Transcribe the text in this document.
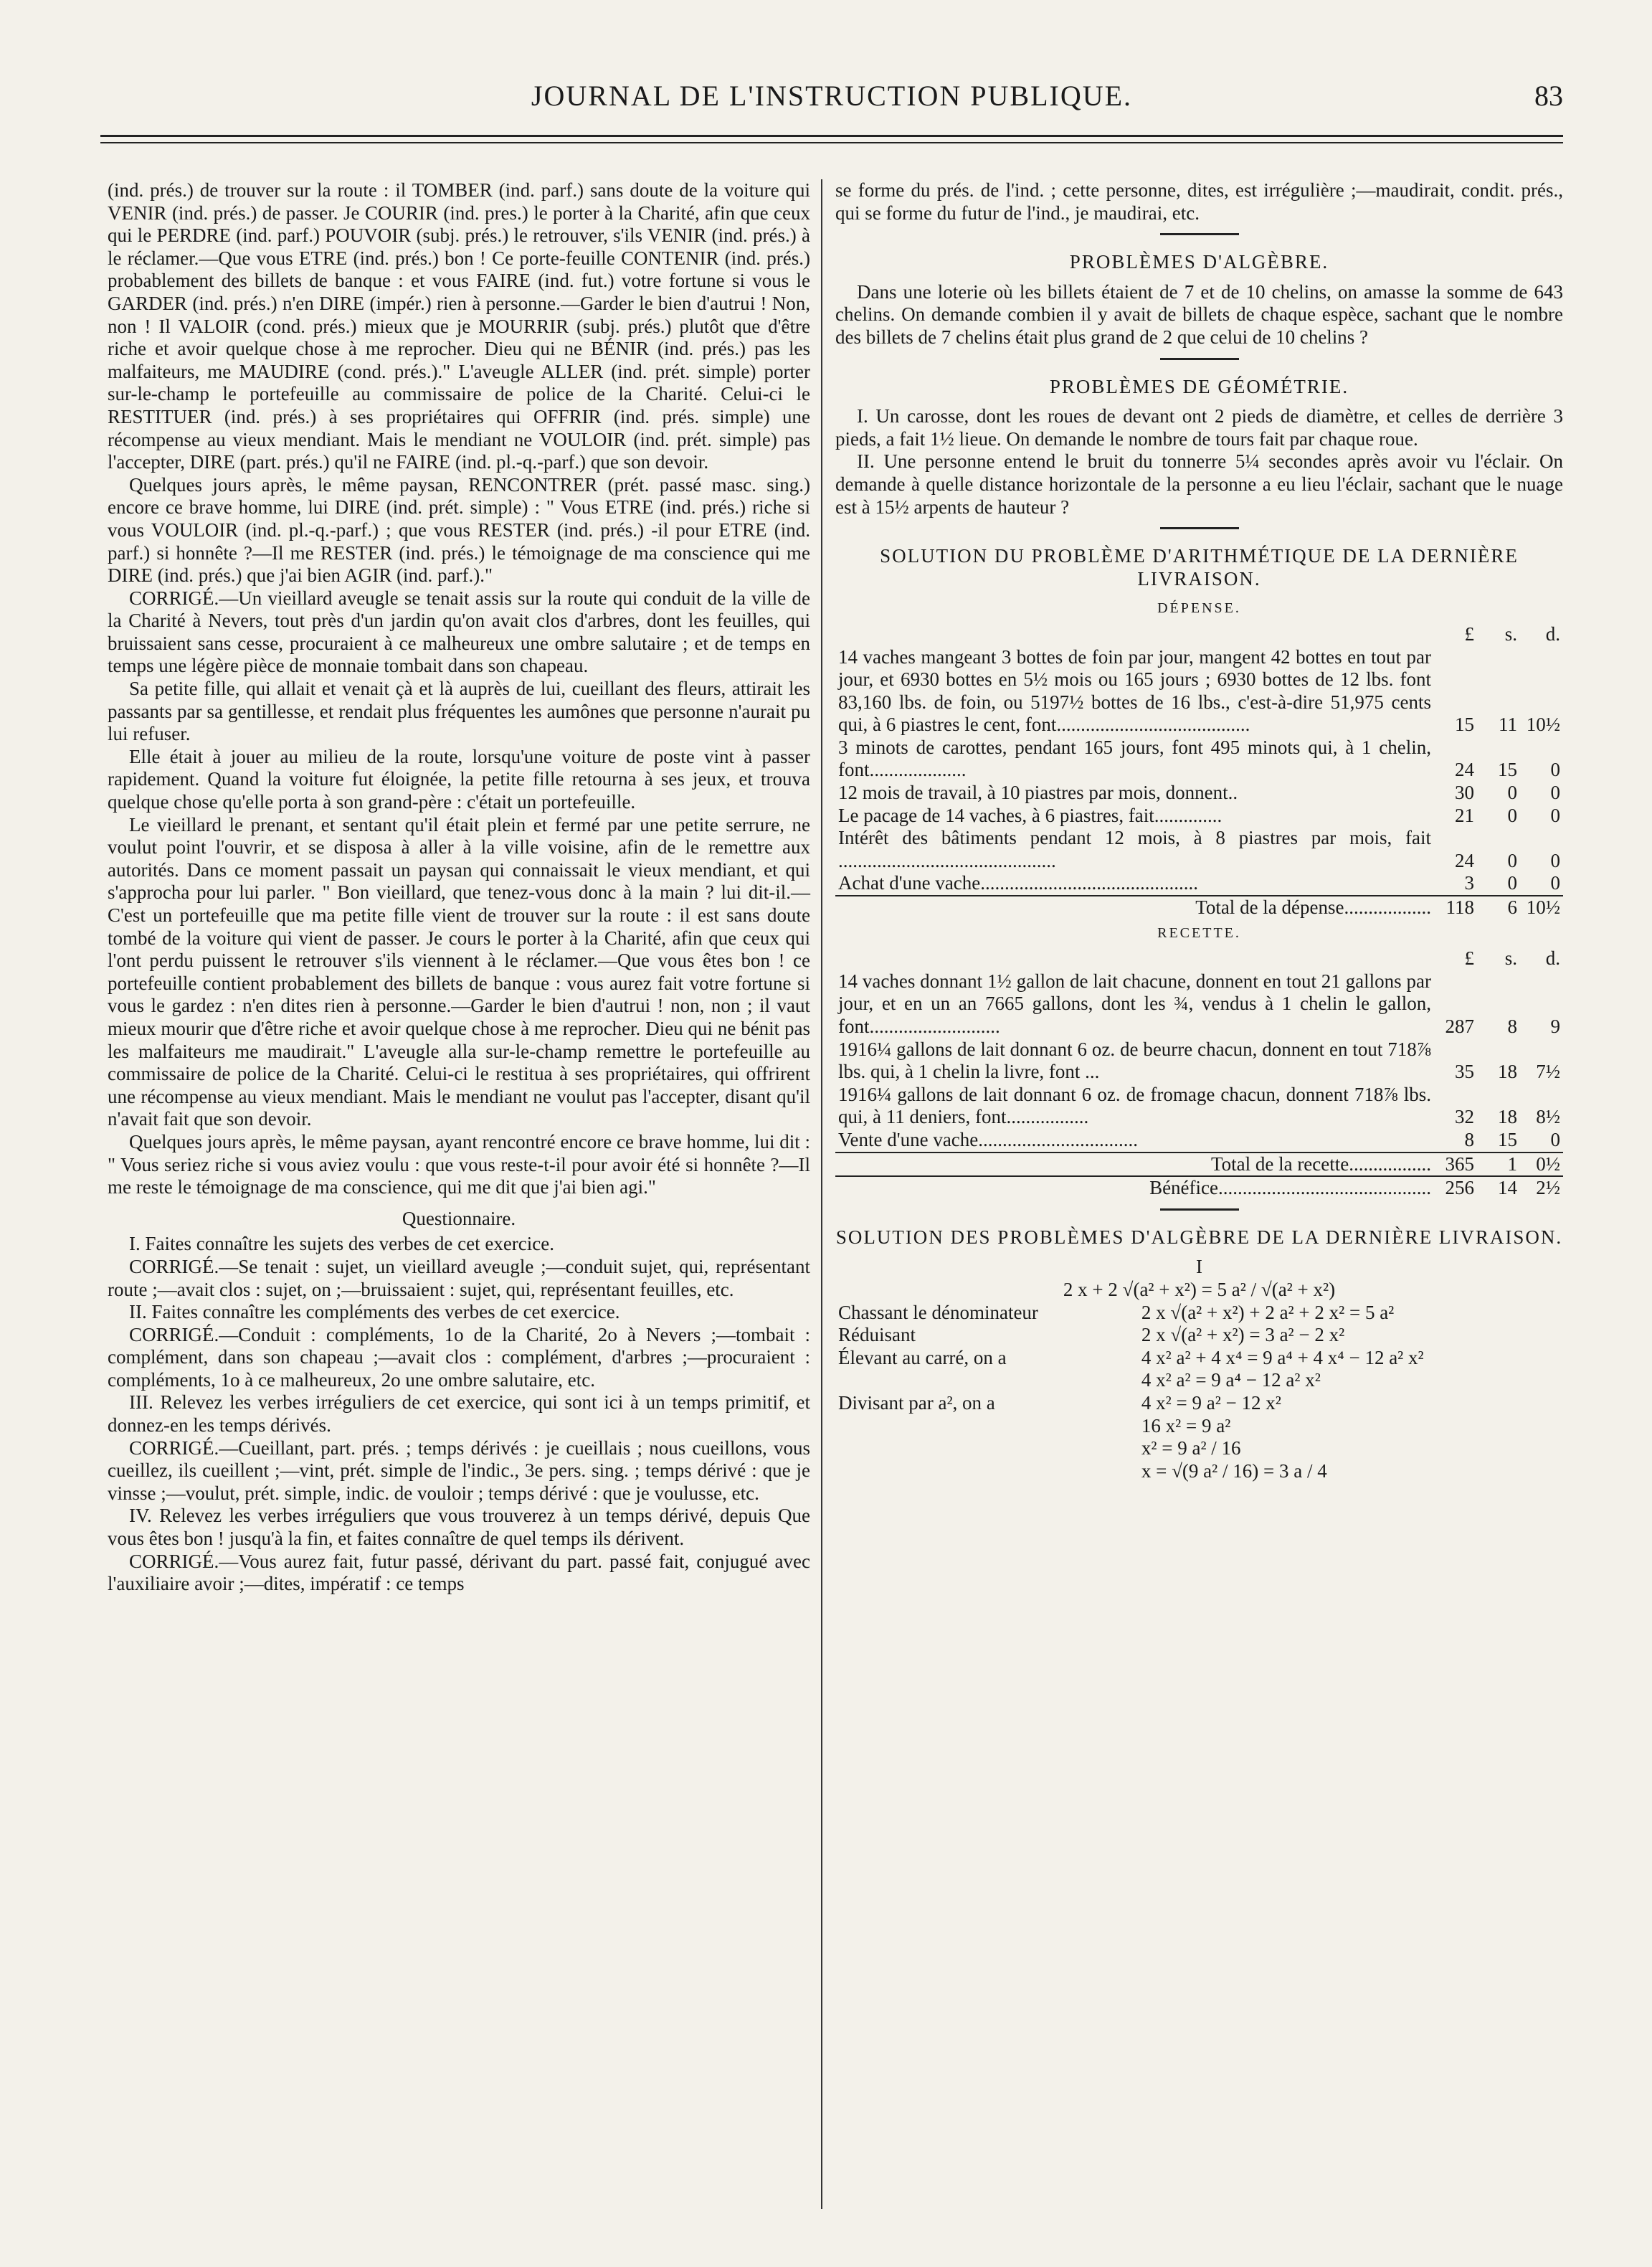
JOURNAL DE L'INSTRUCTION PUBLIQUE.	83

(ind. prés.) de trouver sur la route : il TOMBER (ind. parf.) sans doute de la voiture qui VENIR (ind. prés.) de passer. Je COURIR (ind. pres.) le porter à la Charité, afin que ceux qui le PERDRE (ind. parf.) POUVOIR (subj. prés.) le retrouver, s'ils VENIR (ind. prés.) à le réclamer.—Que vous ETRE (ind. prés.) bon ! Ce porte-feuille CONTENIR (ind. prés.) probablement des billets de banque : et vous FAIRE (ind. fut.) votre fortune si vous le GARDER (ind. prés.) n'en DIRE (impér.) rien à personne.—Garder le bien d'autrui ! Non, non ! Il VALOIR (cond. prés.) mieux que je MOURRIR (subj. prés.) plutôt que d'être riche et avoir quelque chose à me reprocher. Dieu qui ne BÉNIR (ind. prés.) pas les malfaiteurs, me MAUDIRE (cond. prés.)." L'aveugle ALLER (ind. prét. simple) porter sur-le-champ le portefeuille au commissaire de police de la Charité. Celui-ci le RESTITUER (ind. prés.) à ses propriétaires qui OFFRIR (ind. prés. simple) une récompense au vieux mendiant. Mais le mendiant ne VOULOIR (ind. prét. simple) pas l'accepter, DIRE (part. prés.) qu'il ne FAIRE (ind. pl.-q.-parf.) que son devoir.

Quelques jours après, le même paysan, RENCONTRER (prét. passé masc. sing.) encore ce brave homme, lui DIRE (ind. prét. simple) : " Vous ETRE (ind. prés.) riche si vous VOULOIR (ind. pl.-q.-parf.) ; que vous RESTER (ind. prés.) -il pour ETRE (ind. parf.) si honnête ?—Il me RESTER (ind. prés.) le témoignage de ma conscience qui me DIRE (ind. prés.) que j'ai bien AGIR (ind. parf.)."

CORRIGÉ.—Un vieillard aveugle se tenait assis sur la route qui conduit de la ville de la Charité à Nevers, tout près d'un jardin qu'on avait clos d'arbres, dont les feuilles, qui bruissaient sans cesse, procuraient à ce malheureux une ombre salutaire ; et de temps en temps une légère pièce de monnaie tombait dans son chapeau.

Sa petite fille, qui allait et venait çà et là auprès de lui, cueillant des fleurs, attirait les passants par sa gentillesse, et rendait plus fréquentes les aumônes que personne n'aurait pu lui refuser.

Elle était à jouer au milieu de la route, lorsqu'une voiture de poste vint à passer rapidement. Quand la voiture fut éloignée, la petite fille retourna à ses jeux, et trouva quelque chose qu'elle porta à son grand-père : c'était un portefeuille.

Le vieillard le prenant, et sentant qu'il était plein et fermé par une petite serrure, ne voulut point l'ouvrir, et se disposa à aller à la ville voisine, afin de le remettre aux autorités. Dans ce moment passait un paysan qui connaissait le vieux mendiant, et qui s'approcha pour lui parler. " Bon vieillard, que tenez-vous donc à la main ? lui dit-il.—C'est un portefeuille que ma petite fille vient de trouver sur la route : il est sans doute tombé de la voiture qui vient de passer. Je cours le porter à la Charité, afin que ceux qui l'ont perdu puissent le retrouver s'ils viennent à le réclamer.—Que vous êtes bon ! ce portefeuille contient probablement des billets de banque : vous aurez fait votre fortune si vous le gardez : n'en dites rien à personne.—Garder le bien d'autrui ! non, non ; il vaut mieux mourir que d'être riche et avoir quelque chose à me reprocher. Dieu qui ne bénit pas les malfaiteurs me maudirait." L'aveugle alla sur-le-champ remettre le portefeuille au commissaire de police de la Charité. Celui-ci le restitua à ses propriétaires, qui offrirent une récompense au vieux mendiant. Mais le mendiant ne voulut pas l'accepter, disant qu'il n'avait fait que son devoir.

Quelques jours après, le même paysan, ayant rencontré encore ce brave homme, lui dit : " Vous seriez riche si vous aviez voulu : que vous reste-t-il pour avoir été si honnête ?—Il me reste le témoignage de ma conscience, qui me dit que j'ai bien agi."

Questionnaire.

I. Faites connaître les sujets des verbes de cet exercice.

CORRIGÉ.—Se tenait : sujet, un vieillard aveugle ;—conduit sujet, qui, représentant route ;—avait clos : sujet, on ;—bruissaient : sujet, qui, représentant feuilles, etc.

II. Faites connaître les compléments des verbes de cet exercice.

CORRIGÉ.—Conduit : compléments, 1o de la Charité, 2o à Nevers ;—tombait : complément, dans son chapeau ;—avait clos : complément, d'arbres ;—procuraient : compléments, 1o à ce malheureux, 2o une ombre salutaire, etc.

III. Relevez les verbes irréguliers de cet exercice, qui sont ici à un temps primitif, et donnez-en les temps dérivés.

CORRIGÉ.—Cueillant, part. prés. ; temps dérivés : je cueillais ; nous cueillons, vous cueillez, ils cueillent ;—vint, prét. simple de l'indic., 3e pers. sing. ; temps dérivé : que je vinsse ;—voulut, prét. simple, indic. de vouloir ; temps dérivé : que je voulusse, etc.

IV. Relevez les verbes irréguliers que vous trouverez à un temps dérivé, depuis Que vous êtes bon ! jusqu'à la fin, et faites connaître de quel temps ils dérivent.

CORRIGÉ.—Vous aurez fait, futur passé, dérivant du part. passé fait, conjugué avec l'auxiliaire avoir ;—dites, impératif : ce temps

se forme du prés. de l'ind. ; cette personne, dites, est irrégulière ;—maudirait, condit. prés., qui se forme du futur de l'ind., je maudirai, etc.

PROBLÈMES D'ALGÈBRE.

Dans une loterie où les billets étaient de 7 et de 10 chelins, on amasse la somme de 643 chelins. On demande combien il y avait de billets de chaque espèce, sachant que le nombre des billets de 7 chelins était plus grand de 2 que celui de 10 chelins ?

PROBLÈMES DE GÉOMÉTRIE.

I. Un carosse, dont les roues de devant ont 2 pieds de diamètre, et celles de derrière 3 pieds, a fait 1½ lieue. On demande le nombre de tours fait par chaque roue.

II. Une personne entend le bruit du tonnerre 5¼ secondes après avoir vu l'éclair. On demande à quelle distance horizontale de la personne a eu lieu l'éclair, sachant que le nuage est à 15½ arpents de hauteur ?

SOLUTION DU PROBLÈME D'ARITHMÉTIQUE DE LA DERNIÈRE LIVRAISON.
DÉPENSE.
	£	s.	d.
14 vaches mangeant 3 bottes de foin par jour, mangent 42 bottes en tout par jour, et 6930 bottes en 5½ mois ou 165 jours ; 6930 bottes de 12 lbs. font 83,160 lbs. de foin, ou 5197½ bottes de 16 lbs., c'est-à-dire 51,975 cents qui, à 6 piastres le cent, font........................................	15	11	10½
3 minots de carottes, pendant 165 jours, font 495 minots qui, à 1 chelin, font....................	24	15	0
12 mois de travail, à 10 piastres par mois, donnent..	30	0	0
Le pacage de 14 vaches, à 6 piastres, fait..............	21	0	0
Intérêt des bâtiments pendant 12 mois, à 8 piastres par mois, fait .............................................	24	0	0
Achat d'une vache.............................................	3	0	0
Total de la dépense..................	118	6	10½
RECETTE.
	£	s.	d.
14 vaches donnant 1½ gallon de lait chacune, donnent en tout 21 gallons par jour, et en un an 7665 gallons, dont les ¾, vendus à 1 chelin le gallon, font...........................	287	8	9
1916¼ gallons de lait donnant 6 oz. de beurre chacun, donnent en tout 718⅞ lbs. qui, à 1 chelin la livre, font ...	35	18	7½
1916¼ gallons de lait donnant 6 oz. de fromage chacun, donnent 718⅞ lbs. qui, à 11 deniers, font.................	32	18	8½
Vente d'une vache.................................	8	15	0
Total de la recette.................	365	1	0½
Bénéfice............................................	256	14	2½
SOLUTION DES PROBLÈMES D'ALGÈBRE DE LA DERNIÈRE LIVRAISON.
I
2 x + 2 √(a² + x²) = 5 a² / √(a² + x²)
Chassant le dénominateur	2 x √(a² + x²) + 2 a² + 2 x² = 5 a²
Réduisant	2 x √(a² + x²) = 3 a² − 2 x²
Élevant au carré, on a	4 x² a² + 4 x⁴ = 9 a⁴ + 4 x⁴ − 12 a² x²
	4 x² a² = 9 a⁴ − 12 a² x²
Divisant par a², on a	4 x² = 9 a² − 12 x²
	16 x² = 9 a²
	x² = 9 a² / 16
	x = √(9 a² / 16) = 3 a / 4
